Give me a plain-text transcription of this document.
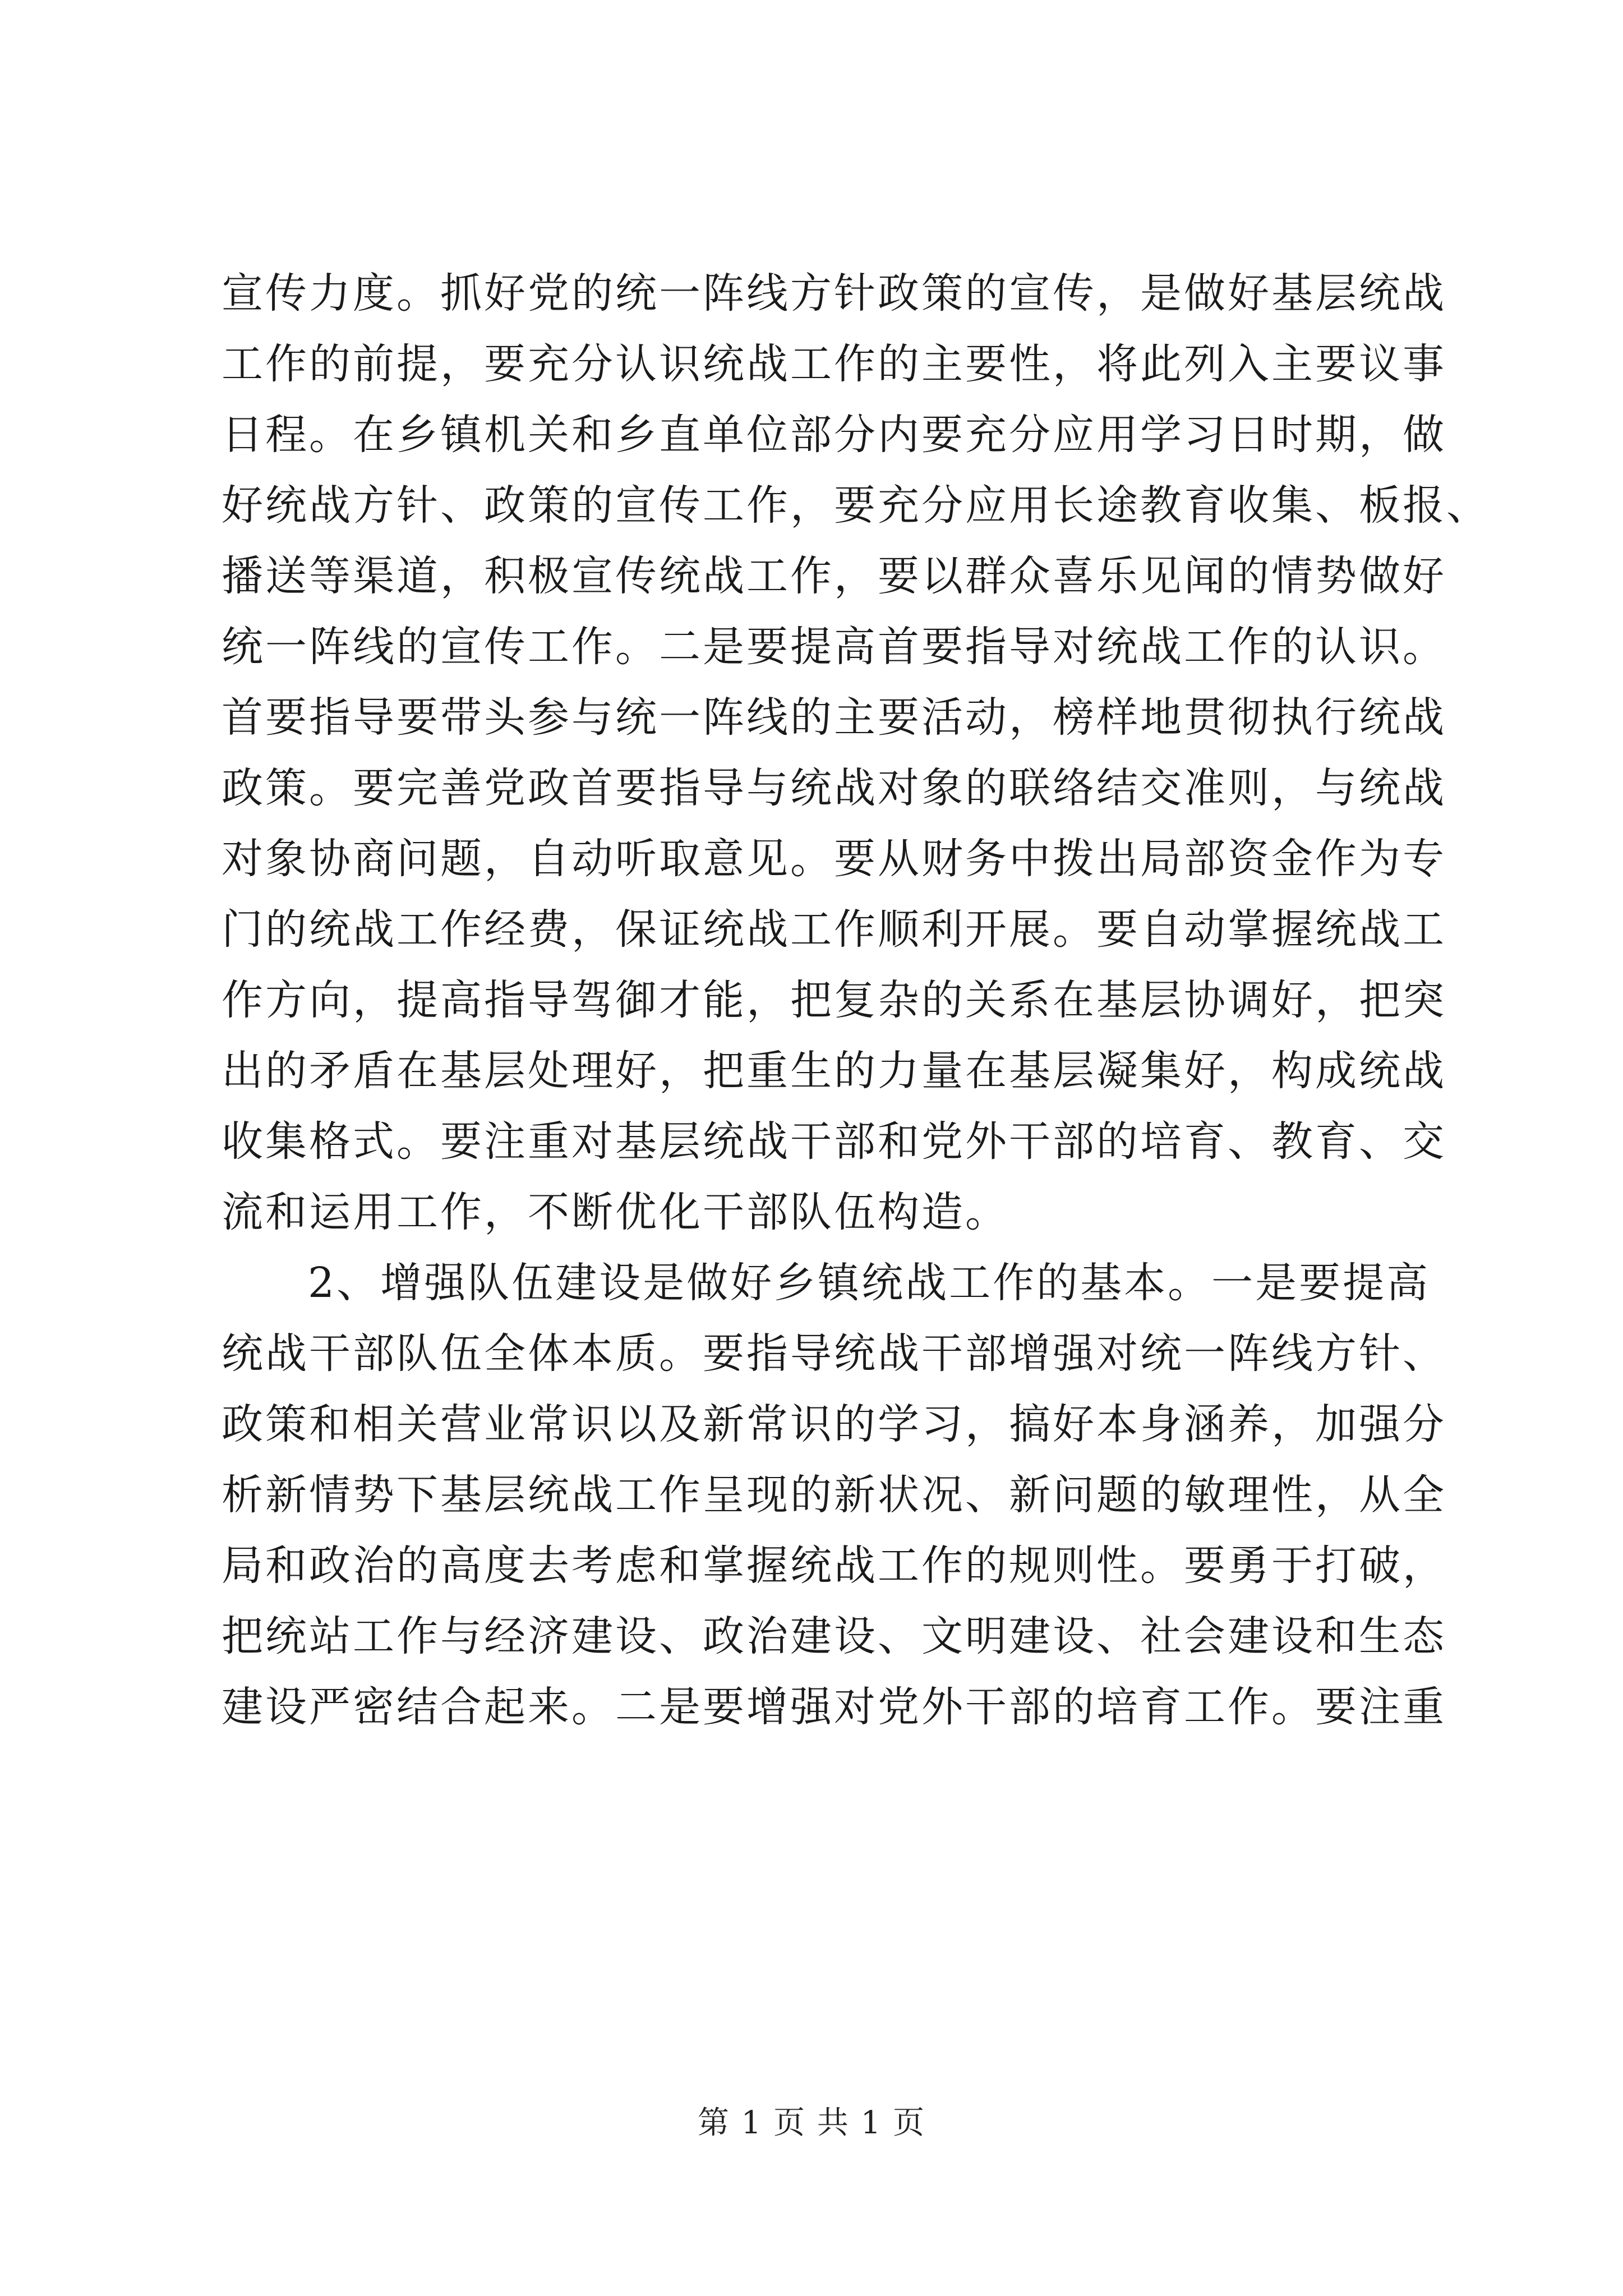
宣传力度。抓好党的统一阵线方针政策的宣传，是做好基层统战
工作的前提，要充分认识统战工作的主要性，将此列入主要议事
日程。在乡镇机关和乡直单位部分内要充分应用学习日时期，做
好统战方针、政策的宣传工作，要充分应用长途教育收集、板报、
播送等渠道，积极宣传统战工作，要以群众喜乐见闻的情势做好
统一阵线的宣传工作。二是要提高首要指导对统战工作的认识。
首要指导要带头参与统一阵线的主要活动，榜样地贯彻执行统战
政策。要完善党政首要指导与统战对象的联络结交准则，与统战
对象协商问题，自动听取意见。要从财务中拨出局部资金作为专
门的统战工作经费，保证统战工作顺利开展。要自动掌握统战工
作方向，提高指导驾御才能，把复杂的关系在基层协调好，把突
出的矛盾在基层处理好，把重生的力量在基层凝集好，构成统战
收集格式。要注重对基层统战干部和党外干部的培育、教育、交
流和运用工作，不断优化干部队伍构造。

2、增强队伍建设是做好乡镇统战工作的基本。一是要提高
统战干部队伍全体本质。要指导统战干部增强对统一阵线方针、
政策和相关营业常识以及新常识的学习，搞好本身涵养，加强分
析新情势下基层统战工作呈现的新状况、新问题的敏理性，从全
局和政治的高度去考虑和掌握统战工作的规则性。要勇于打破，
把统站工作与经济建设、政治建设、文明建设、社会建设和生态
建设严密结合起来。二是要增强对党外干部的培育工作。要注重

第 1 页 共 1 页
